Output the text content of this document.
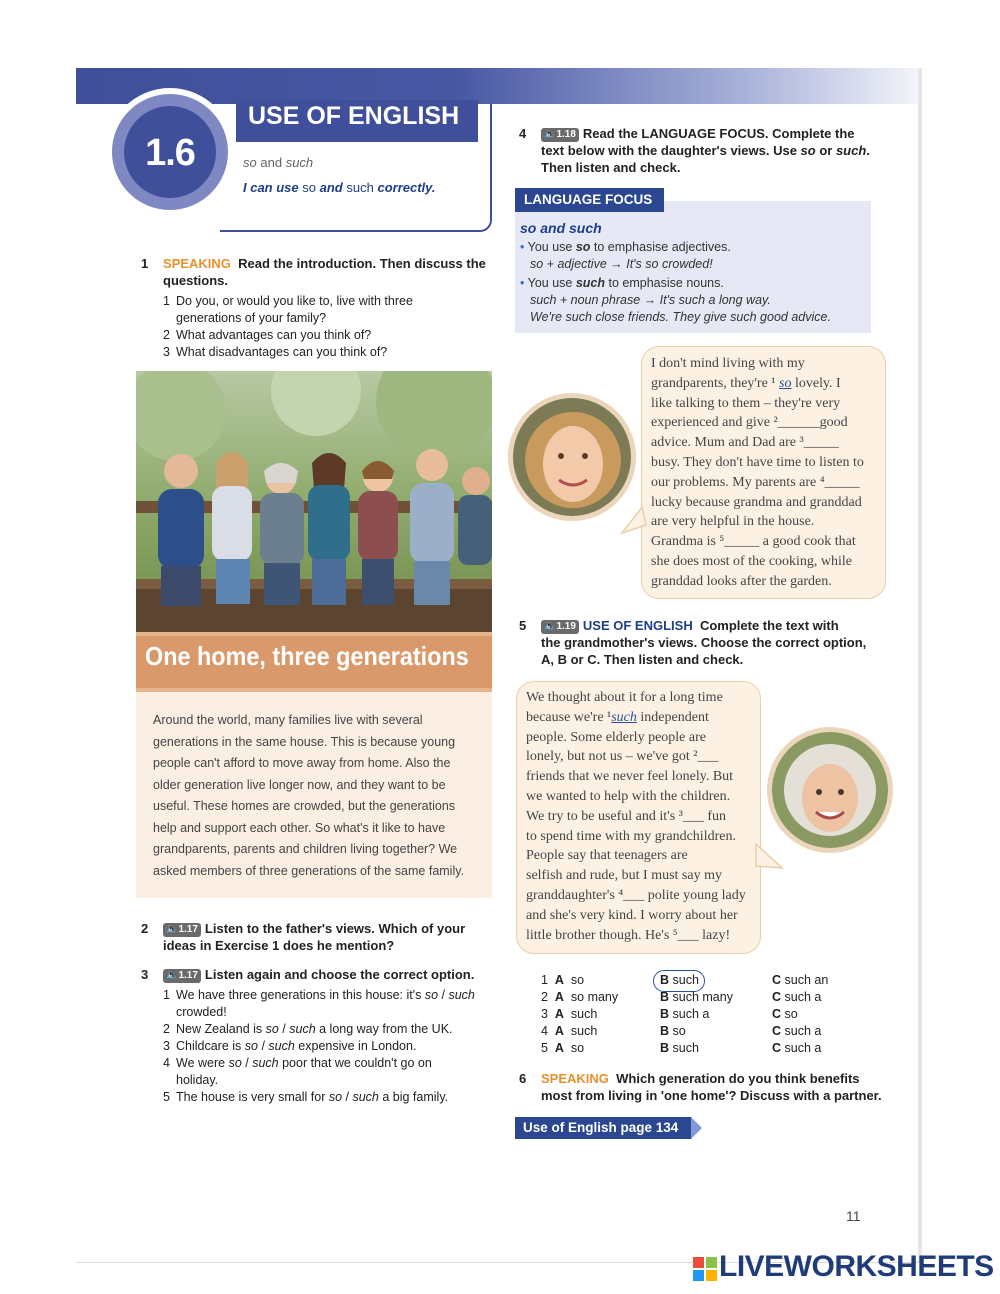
1.6
USE OF ENGLISH
so and such
I can use so and such correctly.
1 SPEAKING Read the introduction. Then discuss the
questions.
1 Do you, or would you like to, live with three
generations of your family?
2 What advantages can you think of?
3 What disadvantages can you think of?
One home, three generations
Around the world, many families live with several
generations in the same house. This is because young
people can't afford to move away from home. Also the
older generation live longer now, and they want to be
useful. These homes are crowded, but the generations
help and support each other. So what's it like to have
grandparents, parents and children living together? We
asked members of three generations of the same family.
2	🔈1.17 Listen to the father's views. Which of your
ideas in Exercise 1 does he mention?
3	🔈1.17 Listen again and choose the correct option.
1 We have three generations in this house: it's so / such
crowded!
2 New Zealand is so / such a long way from the UK.
3 Childcare is so / such expensive in London.
4 We were so / such poor that we couldn't go on
holiday.
5 The house is very small for so / such a big family.
4	🔈1.18 Read the LANGUAGE FOCUS. Complete the
text below with the daughter's views. Use so or such.
Then listen and check.
LANGUAGE FOCUS
so and such
• You use so to emphasise adjectives.
so + adjective → It's so crowded!
• You use such to emphasise nouns.
such + noun phrase → It's such a long way.
We're such close friends. They give such good advice.
I don't mind living with my
grandparents, they're ¹ so lovely. I
like talking to them – they're very
experienced and give ²______good
advice. Mum and Dad are ³_____
busy. They don't have time to listen to
our problems. My parents are ⁴_____
lucky because grandma and granddad
are very helpful in the house.
Grandma is ⁵_____ a good cook that
she does most of the cooking, while
granddad looks after the garden.
5	🔈1.19 USE OF ENGLISH Complete the text with
the grandmother's views. Choose the correct option,
A, B or C. Then listen and check.
We thought about it for a long time
because we're ¹such independent
people. Some elderly people are
lonely, but not us – we've got ²___
friends that we never feel lonely. But
we wanted to help with the children.
We try to be useful and it's ³___ fun
to spend time with my grandchildren.
People say that teenagers are
selfish and rude, but I must say my
granddaughter's ⁴___ polite young lady
and she's very kind. I worry about her
little brother though. He's ⁵___ lazy!
1 A so	B such	C such an
2 A so many	B such many	C such a
3 A such	B such a	C so
4 A such	B so	C such a
5 A so	B such	C such a
6 SPEAKING Which generation do you think benefits
most from living in 'one home'? Discuss with a partner.
Use of English page 134
11
LIVEWORKSHEETS
